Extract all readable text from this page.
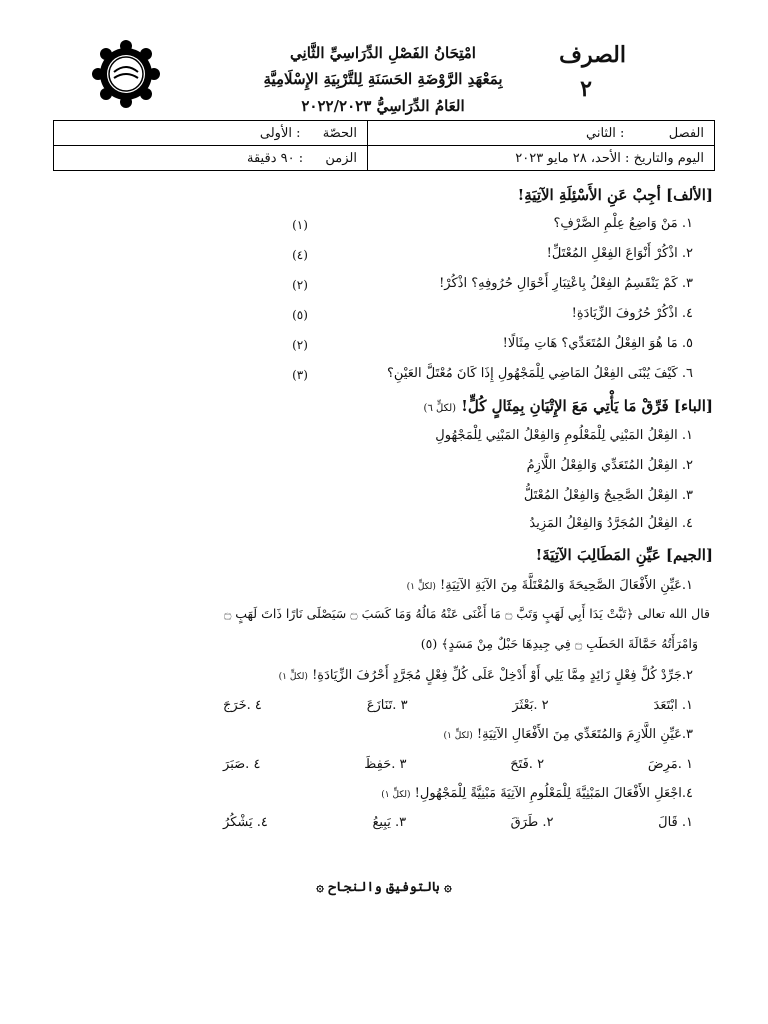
الصرف
٢
امْتِحَانُ الفَصْلِ الدِّرَاسِيِّ الثَّانِي
بِمَعْهَدِ الرَّوْضَةِ الحَسَنَةِ لِلتَّرْبِيَةِ الإِسْلَامِيَّةِ
العَامُ الدِّرَاسِيُّ ٢٠٢٢/٢٠٢٣
الفصل  : الثاني	الحصّة  : الأولى
اليوم والتاريخ : الأحد، ٢٨ مايو ٢٠٢٣	الزمن  : ٩٠ دقيقة
[الألف] أجِبْ عَنِ الأَسْئِلَةِ الآتِيَةِ!
١. مَنْ وَاضِعُ عِلْمِ الصَّرْفِ؟
(١)
٢. اذْكُرْ أَنْوَاعَ الفِعْلِ المُعْتَلِّ!
(٤)
٣. كَمْ يَنْقَسِمُ الفِعْلُ بِاعْتِبَارِ أَحْوَالِ حُرُوفِهِ؟ اذْكُرْ!
(٢)
٤. اذْكُرْ حُرُوفَ الزِّيَادَةِ!
(٥)
٥. مَا هُوَ الفِعْلُ المُتَعَدِّي؟ هَاتِ مِثَالًا!
(٢)
٦. كَيْفَ يُبْنَى الفِعْلُ المَاضِي لِلْمَجْهُولِ إِذَا كَانَ مُعْتَلَّ العَيْنِ؟
(٣)
[الباء] فَرِّقْ مَا يَأْتِي مَعَ الإِتْيَانِ بِمِثَالٍ كُلٍّ! (لكلٍّ ٦)
١. الفِعْلُ المَبْنِي لِلْمَعْلُومِ وَالفِعْلُ المَبْنِي لِلْمَجْهُولِ
٢. الفِعْلُ المُتَعَدِّي وَالفِعْلُ اللَّازِمُ
٣. الفِعْلُ الصَّحِيحُ وَالفِعْلُ المُعْتَلُّ
٤. الفِعْلُ المُجَرَّدُ وَالفِعْلُ المَزِيدُ
[الجيم] عَيِّنِ المَطَالِبَ الآتِيَةَ!
١.عَيِّنِ الأَفْعَالَ الصَّحِيحَةَ وَالمُعْتَلَّةَ مِنَ الآيَةِ الآتِيَةِ! (لكلٍّ ١)
قال الله تعالى ﴿تَبَّتْ يَدَا أَبِي لَهَبٍ وَتَبَّ ۝ مَا أَغْنَى عَنْهُ مَالُهُ وَمَا كَسَبَ ۝ سَيَصْلَى نَارًا ذَاتَ لَهَبٍ ۝
وَامْرَأَتُهُ حَمَّالَةَ الحَطَبِ ۝ فِي جِيدِهَا حَبْلٌ مِنْ مَسَدٍ﴾ (٥)
٢.جَرِّدْ كُلَّ فِعْلٍ زَائِدٍ مِمَّا يَلِي أَوْ أَدْخِلْ عَلَى كُلِّ فِعْلٍ مُجَرَّدٍ أَحْرُفَ الزِّيَادَةِ! (لكلٍّ ١)
١. ابْتَعَدَ
٢ .بَعْثَرَ
٣ .تَنَازَعَ
٤ .خَرَجَ
٣.عَيِّنِ اللَّازِمَ وَالمُتَعَدِّي مِنَ الأَفْعَالِ الآتِيَةِ! (لكلٍّ ١)
١ .مَرِضَ
٢ .فَتَحَ
٣ .حَفِظَ
٤ .صَبَرَ
٤.اجْعَلِ الأَفْعَالَ المَبْنِيَّةَ لِلْمَعْلُومِ الآتِيَةَ مَبْنِيَّةً لِلْمَجْهُولِ! (لكلٍّ ١)
١. قَالَ
٢. طَرَقَ
٣. يَبِيعُ
٤. يَشْكُرُ
۞ بالتوفيق والنجاح ۞
